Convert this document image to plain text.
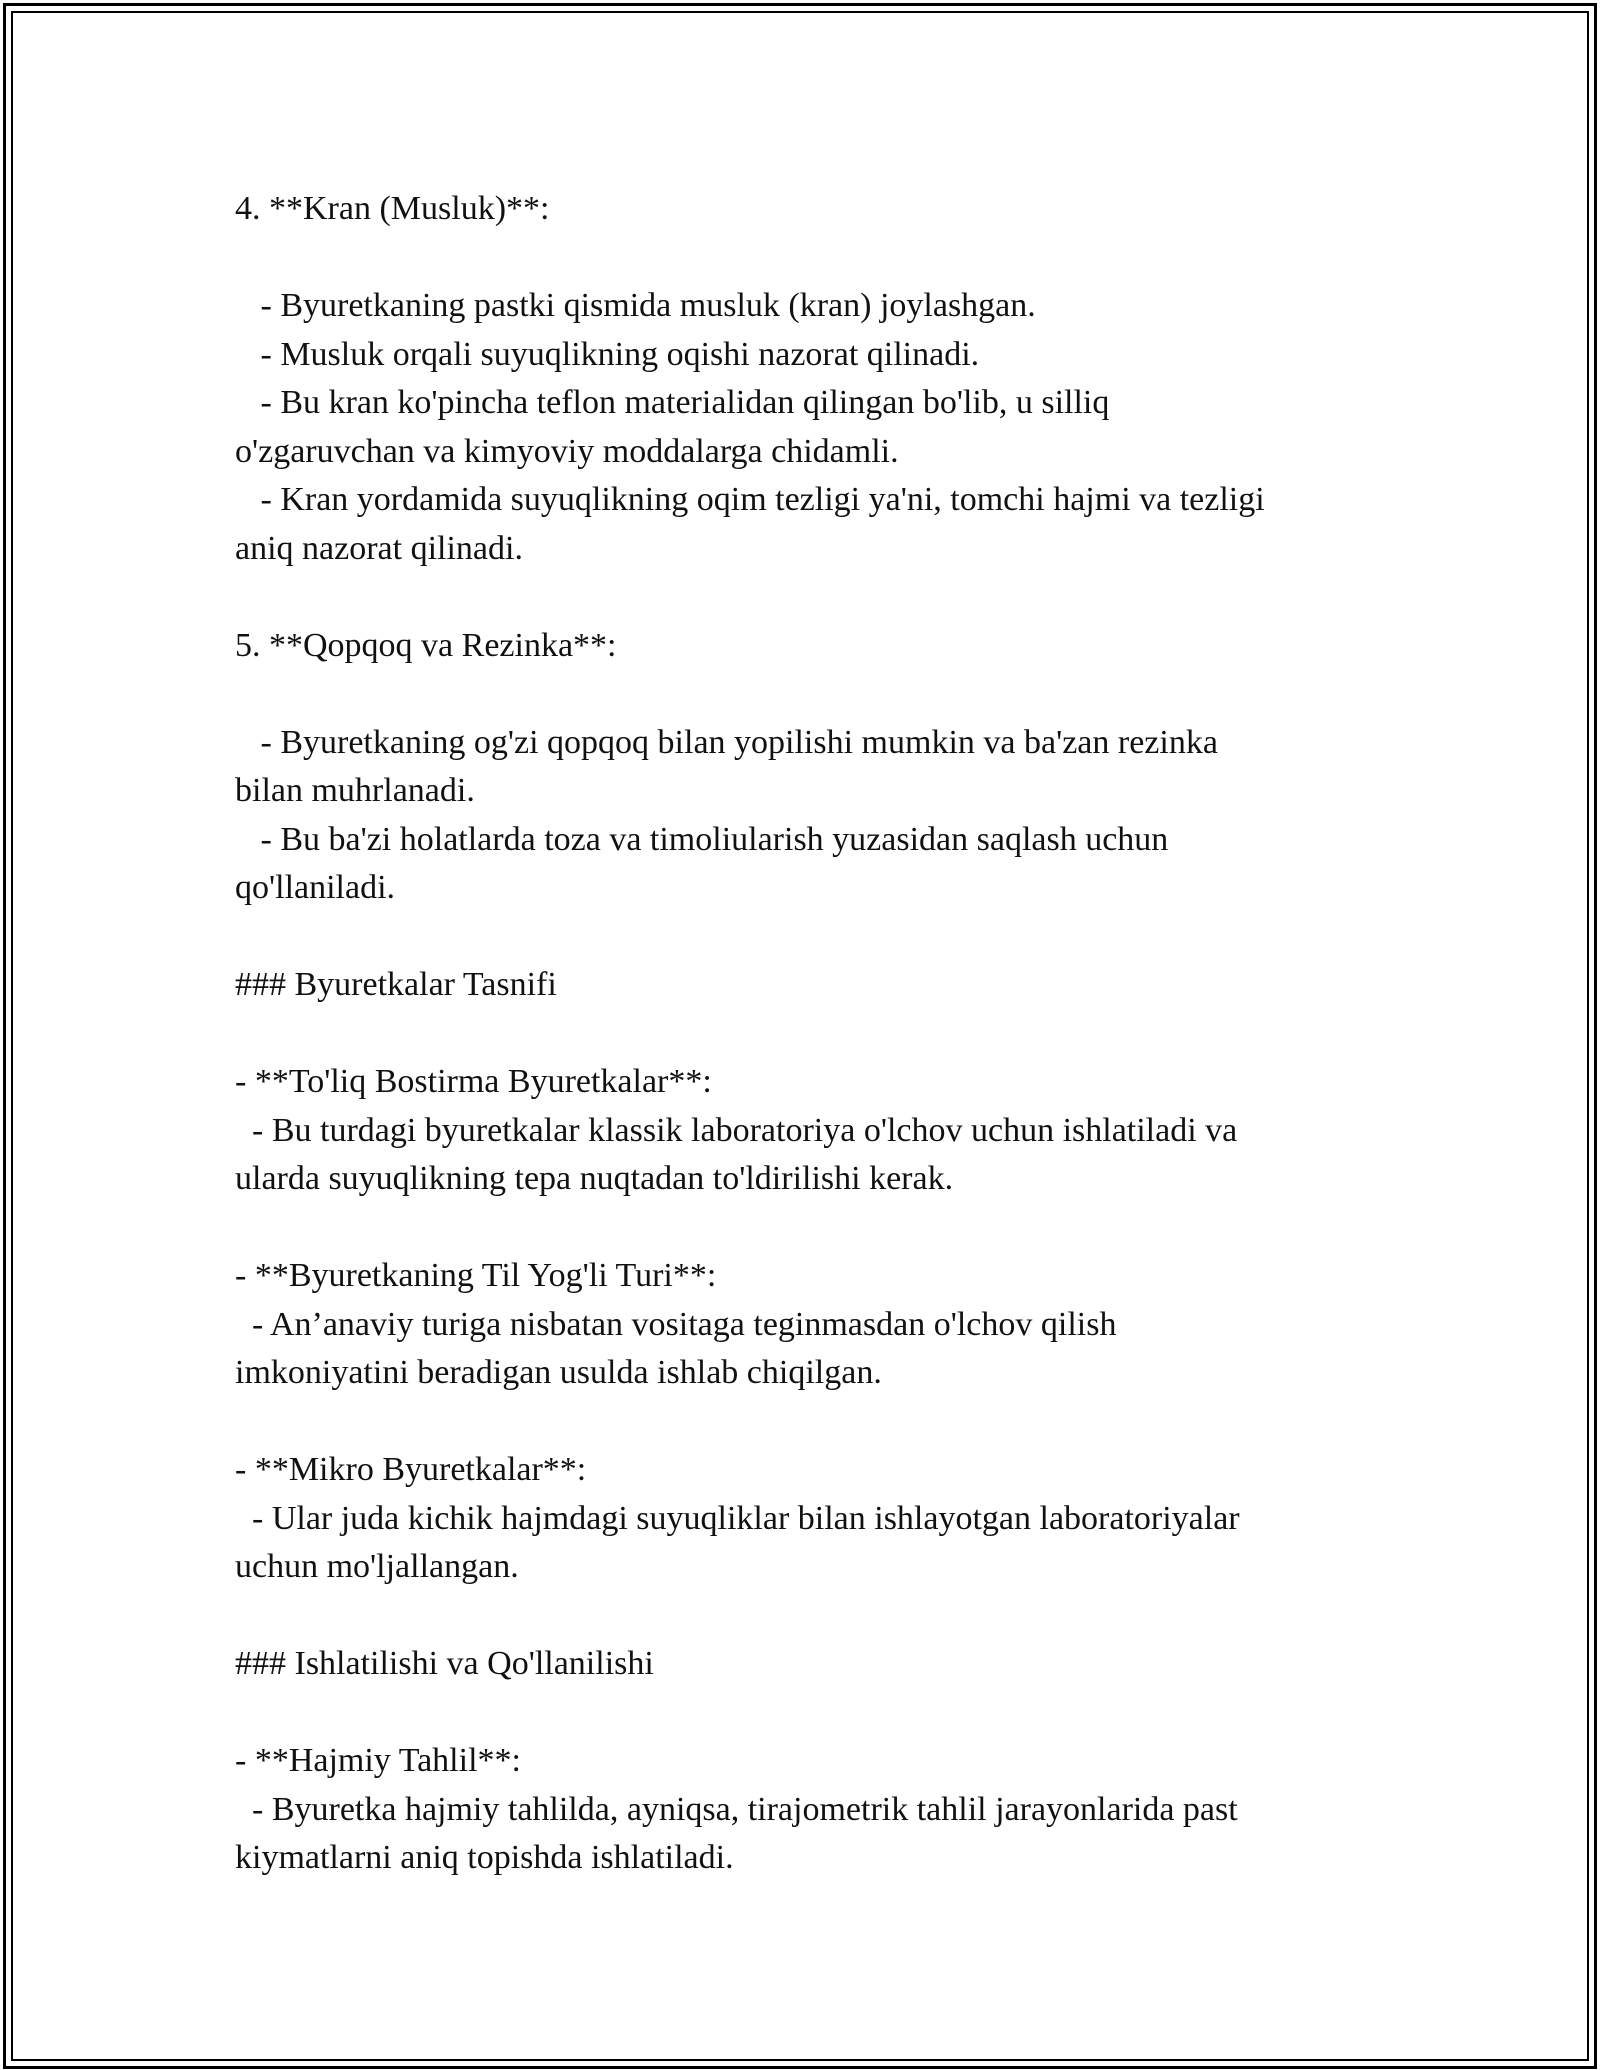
4. **Kran (Musluk)**:
- Byuretkaning pastki qismida musluk (kran) joylashgan.
- Musluk orqali suyuqlikning oqishi nazorat qilinadi.
- Bu kran ko'pincha teflon materialidan qilingan bo'lib, u silliq
o'zgaruvchan va kimyoviy moddalarga chidamli.
- Kran yordamida suyuqlikning oqim tezligi ya'ni, tomchi hajmi va tezligi
aniq nazorat qilinadi.
5. **Qopqoq va Rezinka**:
- Byuretkaning og'zi qopqoq bilan yopilishi mumkin va ba'zan rezinka
bilan muhrlanadi.
- Bu ba'zi holatlarda toza va timoliularish yuzasidan saqlash uchun
qo'llaniladi.
### Byuretkalar Tasnifi
- **To'liq Bostirma Byuretkalar**:
- Bu turdagi byuretkalar klassik laboratoriya o'lchov uchun ishlatiladi va
ularda suyuqlikning tepa nuqtadan to'ldirilishi kerak.
- **Byuretkaning Til Yog'li Turi**:
- An’anaviy turiga nisbatan vositaga teginmasdan o'lchov qilish
imkoniyatini beradigan usulda ishlab chiqilgan.
- **Mikro Byuretkalar**:
- Ular juda kichik hajmdagi suyuqliklar bilan ishlayotgan laboratoriyalar
uchun mo'ljallangan.
### Ishlatilishi va Qo'llanilishi
- **Hajmiy Tahlil**:
- Byuretka hajmiy tahlilda, ayniqsa, tirajometrik tahlil jarayonlarida past
kiymatlarni aniq topishda ishlatiladi.
